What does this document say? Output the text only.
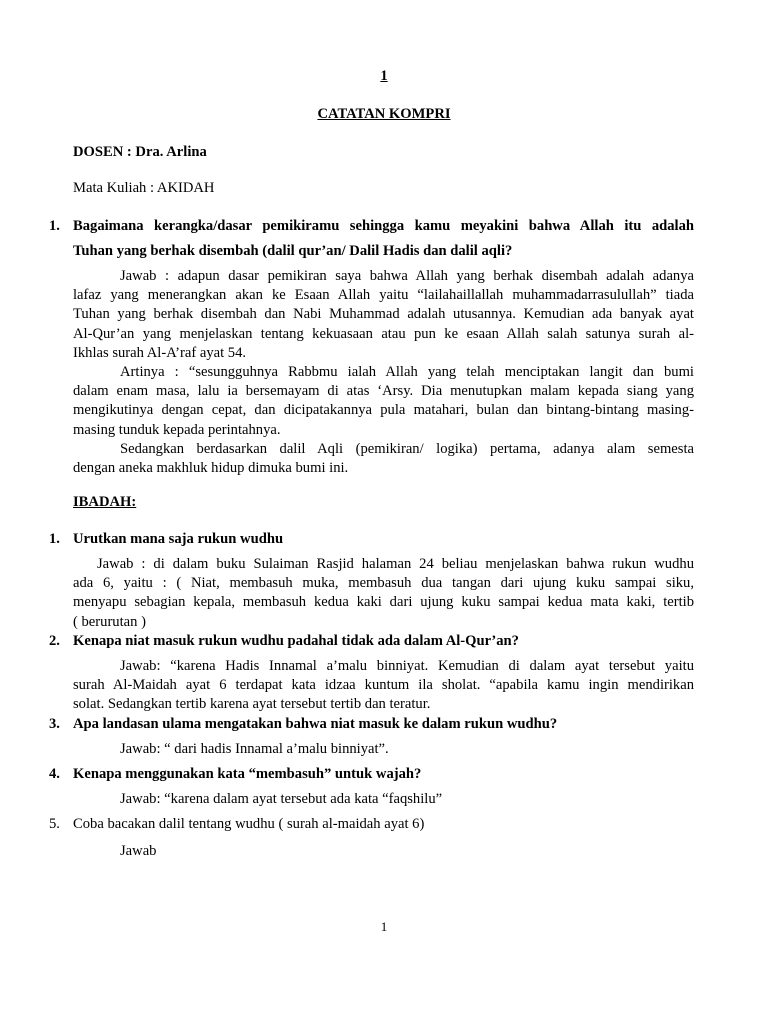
1
CATATAN KOMPRI
DOSEN : Dra. Arlina
Mata Kuliah : AKIDAH
1. Bagaimana kerangka/dasar pemikiramu sehingga kamu meyakini bahwa Allah itu adalah
Tuhan yang berhak disembah (dalil qur’an/ Dalil Hadis dan dalil aqli?
Jawab : adapun dasar pemikiran saya bahwa Allah yang berhak disembah adalah adanya
lafaz yang menerangkan akan ke Esaan Allah yaitu “lailahaillallah muhammadarrasulullah” tiada
Tuhan yang berhak disembah dan Nabi Muhammad adalah utusannya. Kemudian ada banyak ayat
Al-Qur’an yang menjelaskan tentang kekuasaan atau pun ke esaan Allah salah satunya surah al-
Ikhlas surah Al-A’raf ayat 54.
Artinya : “sesungguhnya Rabbmu ialah Allah yang telah menciptakan langit dan bumi
dalam enam masa, lalu ia bersemayam di atas ‘Arsy. Dia menutupkan malam kepada siang yang
mengikutinya dengan cepat, dan dicipatakannya pula matahari, bulan dan bintang-bintang masing-
masing tunduk kepada perintahnya.
Sedangkan berdasarkan dalil Aqli (pemikiran/ logika) pertama, adanya alam semesta
dengan aneka makhluk hidup dimuka bumi ini.
IBADAH:
1. Urutkan mana saja rukun wudhu
Jawab : di dalam buku Sulaiman Rasjid halaman 24 beliau menjelaskan bahwa rukun wudhu
ada 6, yaitu : ( Niat, membasuh muka, membasuh dua tangan dari ujung kuku sampai siku,
menyapu sebagian kepala, membasuh kedua kaki dari ujung kuku sampai kedua mata kaki, tertib
( berurutan )
2. Kenapa niat masuk rukun wudhu padahal tidak ada dalam Al-Qur’an?
Jawab: “karena Hadis Innamal a’malu binniyat. Kemudian di dalam ayat tersebut yaitu
surah Al-Maidah ayat 6 terdapat kata idzaa kuntum ila sholat. “apabila kamu ingin mendirikan
solat. Sedangkan tertib karena ayat tersebut tertib dan teratur.
3. Apa landasan ulama mengatakan bahwa niat masuk ke dalam rukun wudhu?
Jawab: “ dari hadis Innamal a’malu binniyat”.
4. Kenapa menggunakan kata “membasuh” untuk wajah?
Jawab: “karena dalam ayat tersebut ada kata “faqshilu”
5. Coba bacakan dalil tentang wudhu ( surah al-maidah ayat 6)
Jawab
1
